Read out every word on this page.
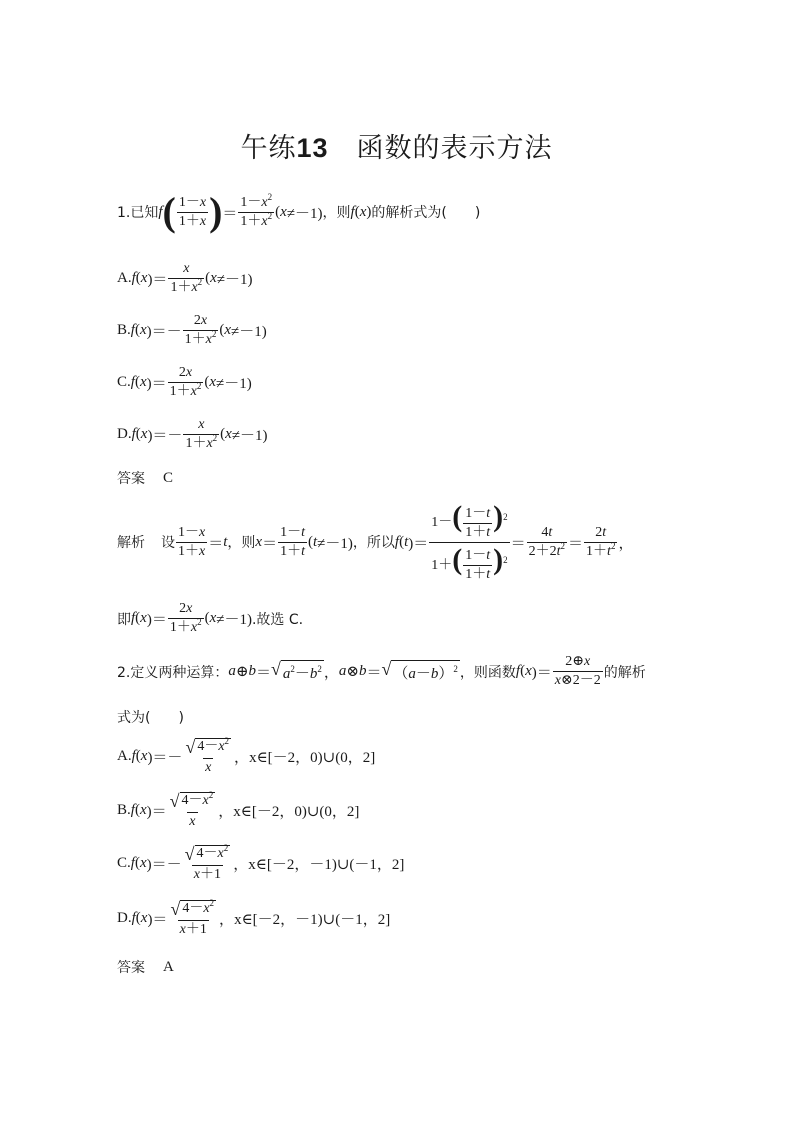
午练13 函数的表示方法
1.已知 f ( $\frac{1-x}{1+x}$ ) ＝ $\frac{1-x^2}{1+x^2}$ ( x ≠－1) ，则 f ( x ) 的解析式为(　　)
A. f ( x )＝ $\frac{x}{1+x^2}$ ( x ≠－1)
B. f ( x )＝－ $\frac{2x}{1+x^2}$ ( x ≠－1)
C. f ( x )＝ $\frac{2x}{1+x^2}$ ( x ≠－1)
D. f ( x )＝－ $\frac{x}{1+x^2}$ ( x ≠－1)
答案 C
解析 设 $\frac{1-x}{1+x} = t$ ，则 $x = \frac{1-t}{1+t}$ ( t ≠－1) ，所以 f ( t )＝ $\frac{1-( \frac{1-t}{1+t} )^2}{1+( \frac{1-t}{1+t} )^2} = \frac{4t}{2+2t^2} = \frac{2t}{1+t^2}$ ，
即 f ( x )＝ $\frac{2x}{1+x^2}$ ( x ≠－1) .故选 C.
2.定义两种运算： a ⊕ b ＝ √ $a^2-b^2$ ， a ⊗ b ＝ √ $(a-b)^2$ ，则函数 f ( x )＝ $\frac{2\oplus x}{x\otimes 2-2}$ 的解析
式为(　　)
A. f ( x )＝－ $\frac{√ 4-x^2}{x}$ ， x∈[－2，0)∪(0，2]
B. f ( x )＝ $\frac{√ 4-x^2}{x}$ ， x∈[－2，0)∪(0，2]
C. f ( x )＝－ $\frac{√ 4-x^2}{x+1}$ ， x∈[－2，－1)∪(－1，2]
D. f ( x )＝ $\frac{√ 4-x^2}{x+1}$ ， x∈[－2，－1)∪(－1，2]
答案 A
